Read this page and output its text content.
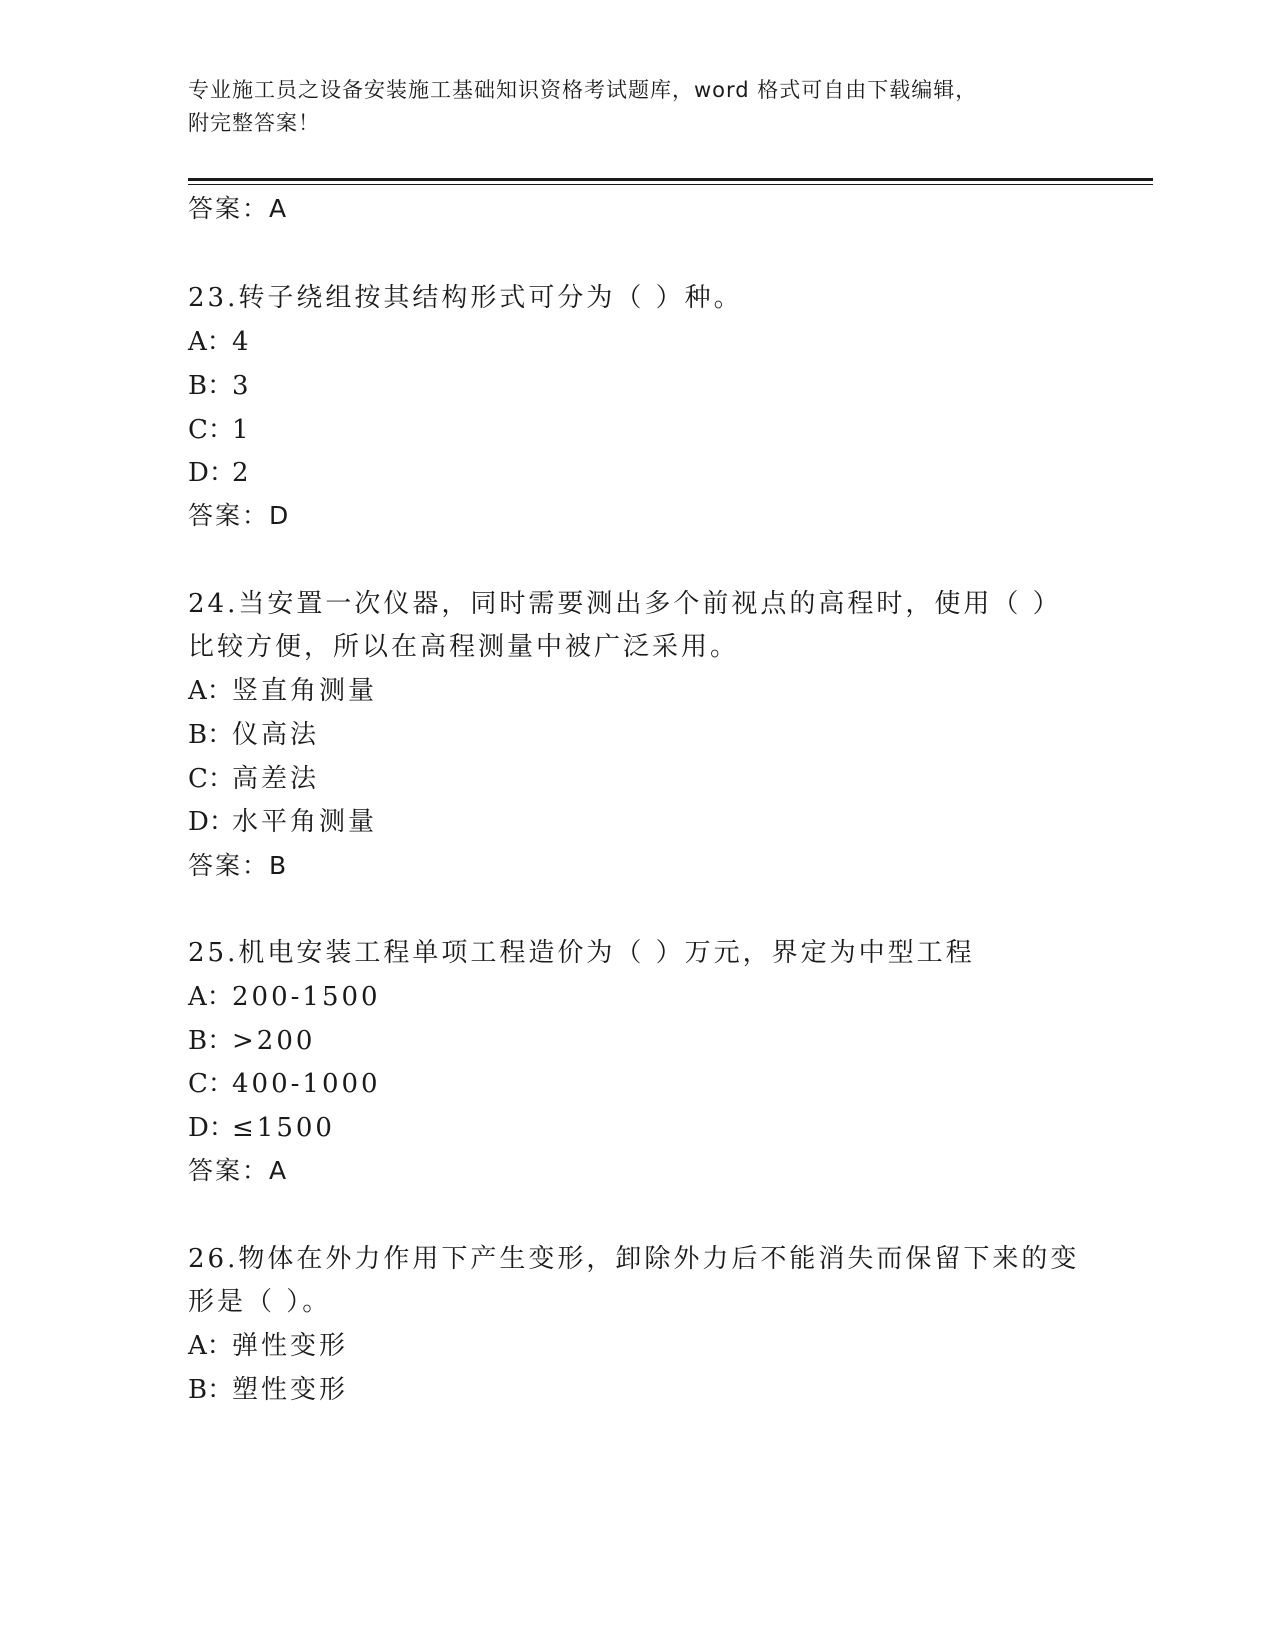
专业施工员之设备安装施工基础知识资格考试题库，word 格式可自由下载编辑，
附完整答案！
答案：A
23.转子绕组按其结构形式可分为（ ）种。
A：4
B：3
C：1
D：2
答案：D
24.当安置一次仪器，同时需要测出多个前视点的高程时，使用（ ）
比较方便，所以在高程测量中被广泛采用。
A：竖直角测量
B：仪高法
C：高差法
D：水平角测量
答案：B
25.机电安装工程单项工程造价为（ ）万元，界定为中型工程
A：200-1500
B：>200
C：400-1000
D：≤1500
答案：A
26.物体在外力作用下产生变形，卸除外力后不能消失而保留下来的变
形是（ ）。
A：弹性变形
B：塑性变形
